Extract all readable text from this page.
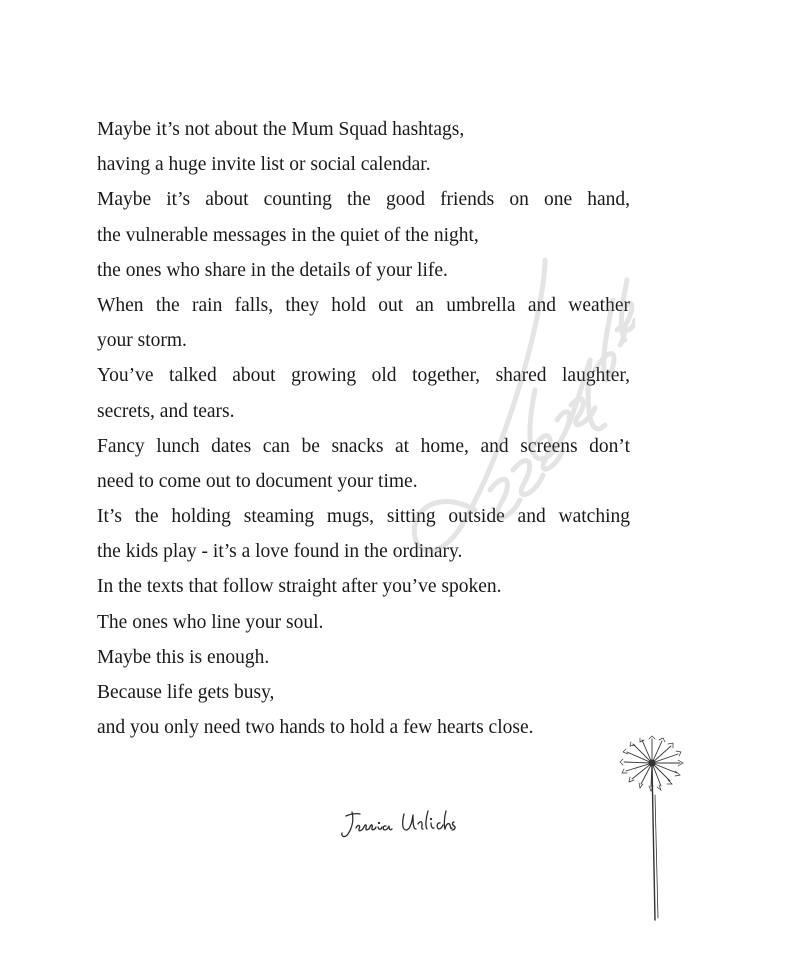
Maybe it’s not about the Mum Squad hashtags,
having a huge invite list or social calendar.
Maybe it’s about counting the good friends on one hand,
the vulnerable messages in the quiet of the night,
the ones who share in the details of your life.
When the rain falls, they hold out an umbrella and weather
your storm.
You’ve talked about growing old together, shared laughter,
secrets, and tears.
Fancy lunch dates can be snacks at home, and screens don’t
need to come out to document your time.
It’s the holding steaming mugs, sitting outside and watching
the kids play - it’s a love found in the ordinary.
In the texts that follow straight after you’ve spoken.
The ones who line your soul.
Maybe this is enough.
Because life gets busy,
and you only need two hands to hold a few hearts close.
